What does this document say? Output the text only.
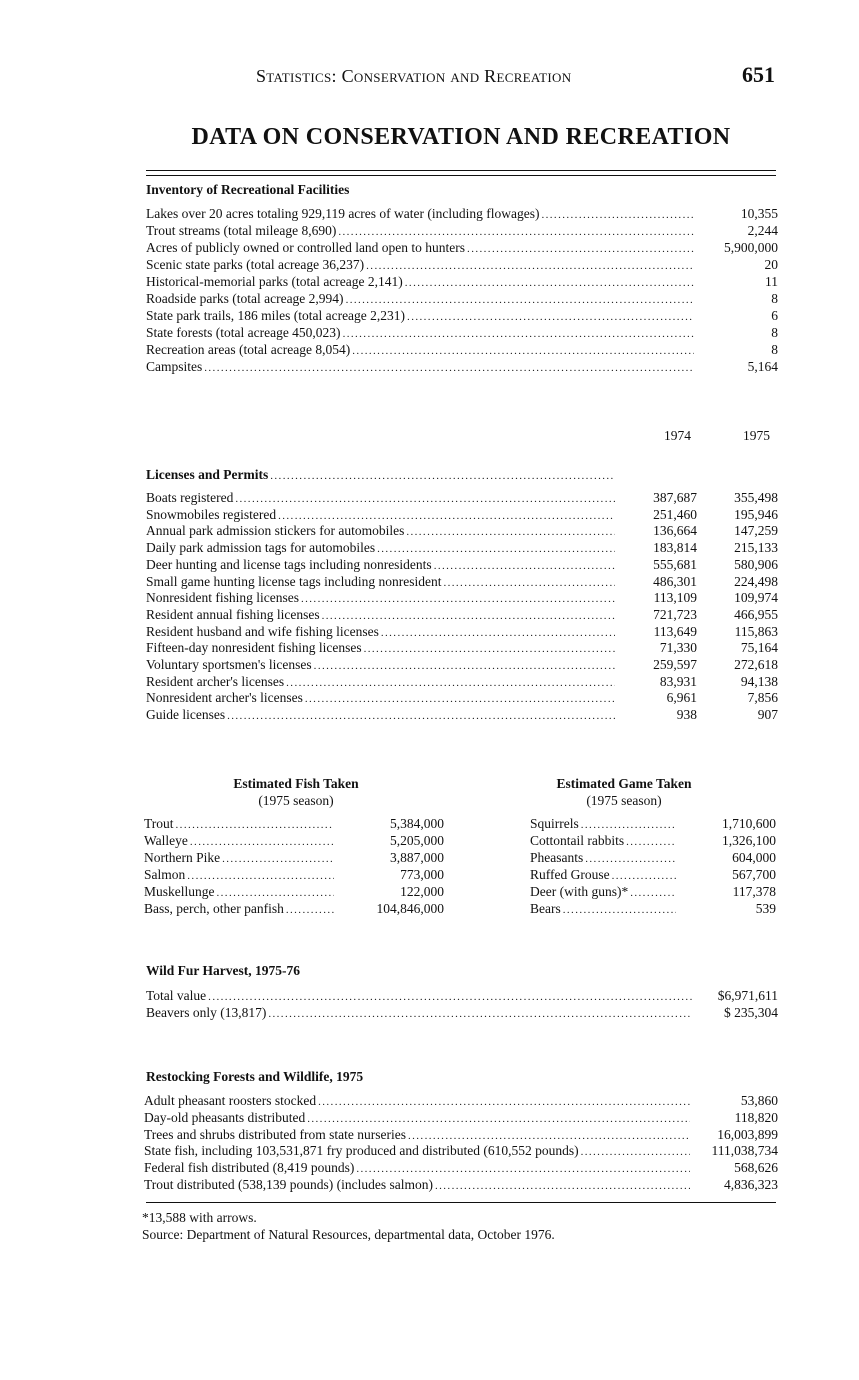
Statistics: Conservation and Recreation	651
DATA ON CONSERVATION AND RECREATION
Inventory of Recreational Facilities
Lakes over 20 acres totaling 929,119 acres of water (including flowages) .....	10,355
Trout streams (total mileage 8,690) .....	2,244
Acres of publicly owned or controlled land open to hunters .....	5,900,000
Scenic state parks (total acreage 36,237) .....	20
Historical-memorial parks (total acreage 2,141) .....	11
Roadside parks (total acreage 2,994) .....	8
State park trails, 186 miles (total acreage 2,231) .....	6
State forests (total acreage 450,023) .....	8
Recreation areas (total acreage 8,054) .....	8
Campsites .....	5,164
1974	1975
Licenses and Permits
.....
Boats registered .....	387,687	355,498
Snowmobiles registered .....	251,460	195,946
Annual park admission stickers for automobiles .....	136,664	147,259
Daily park admission tags for automobiles .....	183,814	215,133
Deer hunting and license tags including nonresidents .....	555,681	580,906
Small game hunting license tags including nonresident .....	486,301	224,498
Nonresident fishing licenses .....	113,109	109,974
Resident annual fishing licenses .....	721,723	466,955
Resident husband and wife fishing licenses .....	113,649	115,863
Fifteen-day nonresident fishing licenses .....	71,330	75,164
Voluntary sportsmen's licenses .....	259,597	272,618
Resident archer's licenses .....	83,931	94,138
Nonresident archer's licenses .....	6,961	7,856
Guide licenses .....	938	907
Estimated Fish Taken
(1975 season)
Estimated Game Taken
(1975 season)
Trout .....	5,384,000
Walleye .....	5,205,000
Northern Pike .....	3,887,000
Salmon .....	773,000
Muskellunge .....	122,000
Bass, perch, other panfish .....	104,846,000
Squirrels .....	1,710,600
Cottontail rabbits .....	1,326,100
Pheasants .....	604,000
Ruffed Grouse .....	567,700
Deer (with guns)* .....	117,378
Bears .....	539
Wild Fur Harvest, 1975-76
Total value .....	$6,971,611
Beavers only (13,817) .....	$ 235,304
Restocking Forests and Wildlife, 1975
Adult pheasant roosters stocked .....	53,860
Day-old pheasants distributed .....	118,820
Trees and shrubs distributed from state nurseries .....	16,003,899
State fish, including 103,531,871 fry produced and distributed (610,552 pounds) .....	111,038,734
Federal fish distributed (8,419 pounds) .....	568,626
Trout distributed (538,139 pounds) (includes salmon) .....	4,836,323
*13,588 with arrows.
Source: Department of Natural Resources, departmental data, October 1976.
